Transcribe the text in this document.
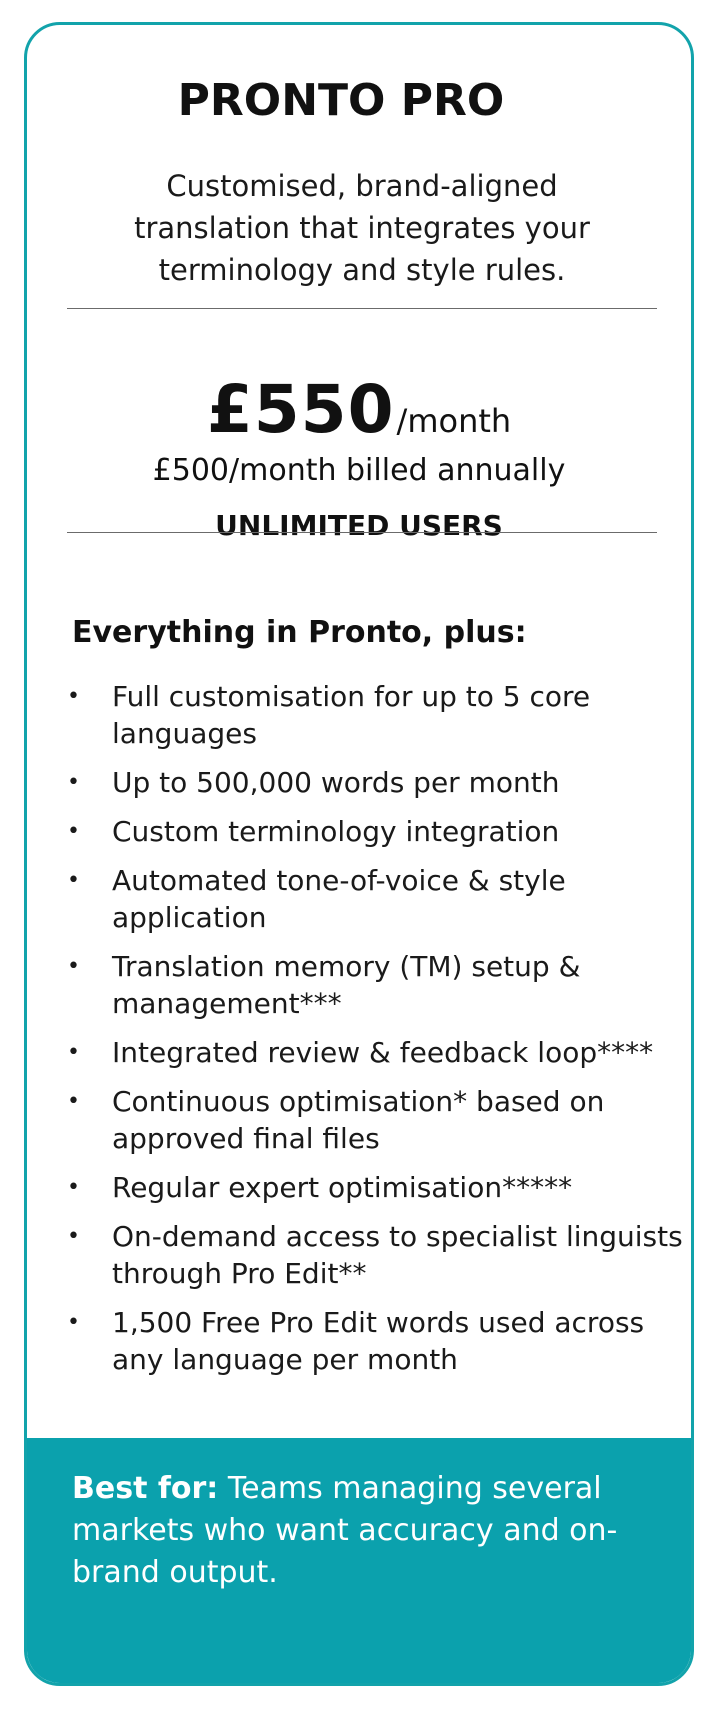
PRONTO PRO

Customised, brand-aligned translation that integrates your terminology and style rules.

£550/month

£500/month billed annually

UNLIMITED USERS

Everything in Pronto, plus:
• Full customisation for up to 5 core languages
• Up to 500,000 words per month
• Custom terminology integration
• Automated tone-of-voice & style application
• Translation memory (TM) setup & management***
• Integrated review & feedback loop****
• Continuous optimisation* based on approved final files
• Regular expert optimisation*****
• On-demand access to specialist linguists through Pro Edit**
• 1,500 Free Pro Edit words used across any language per month

Best for: Teams managing several markets who want accuracy and on-brand output.
